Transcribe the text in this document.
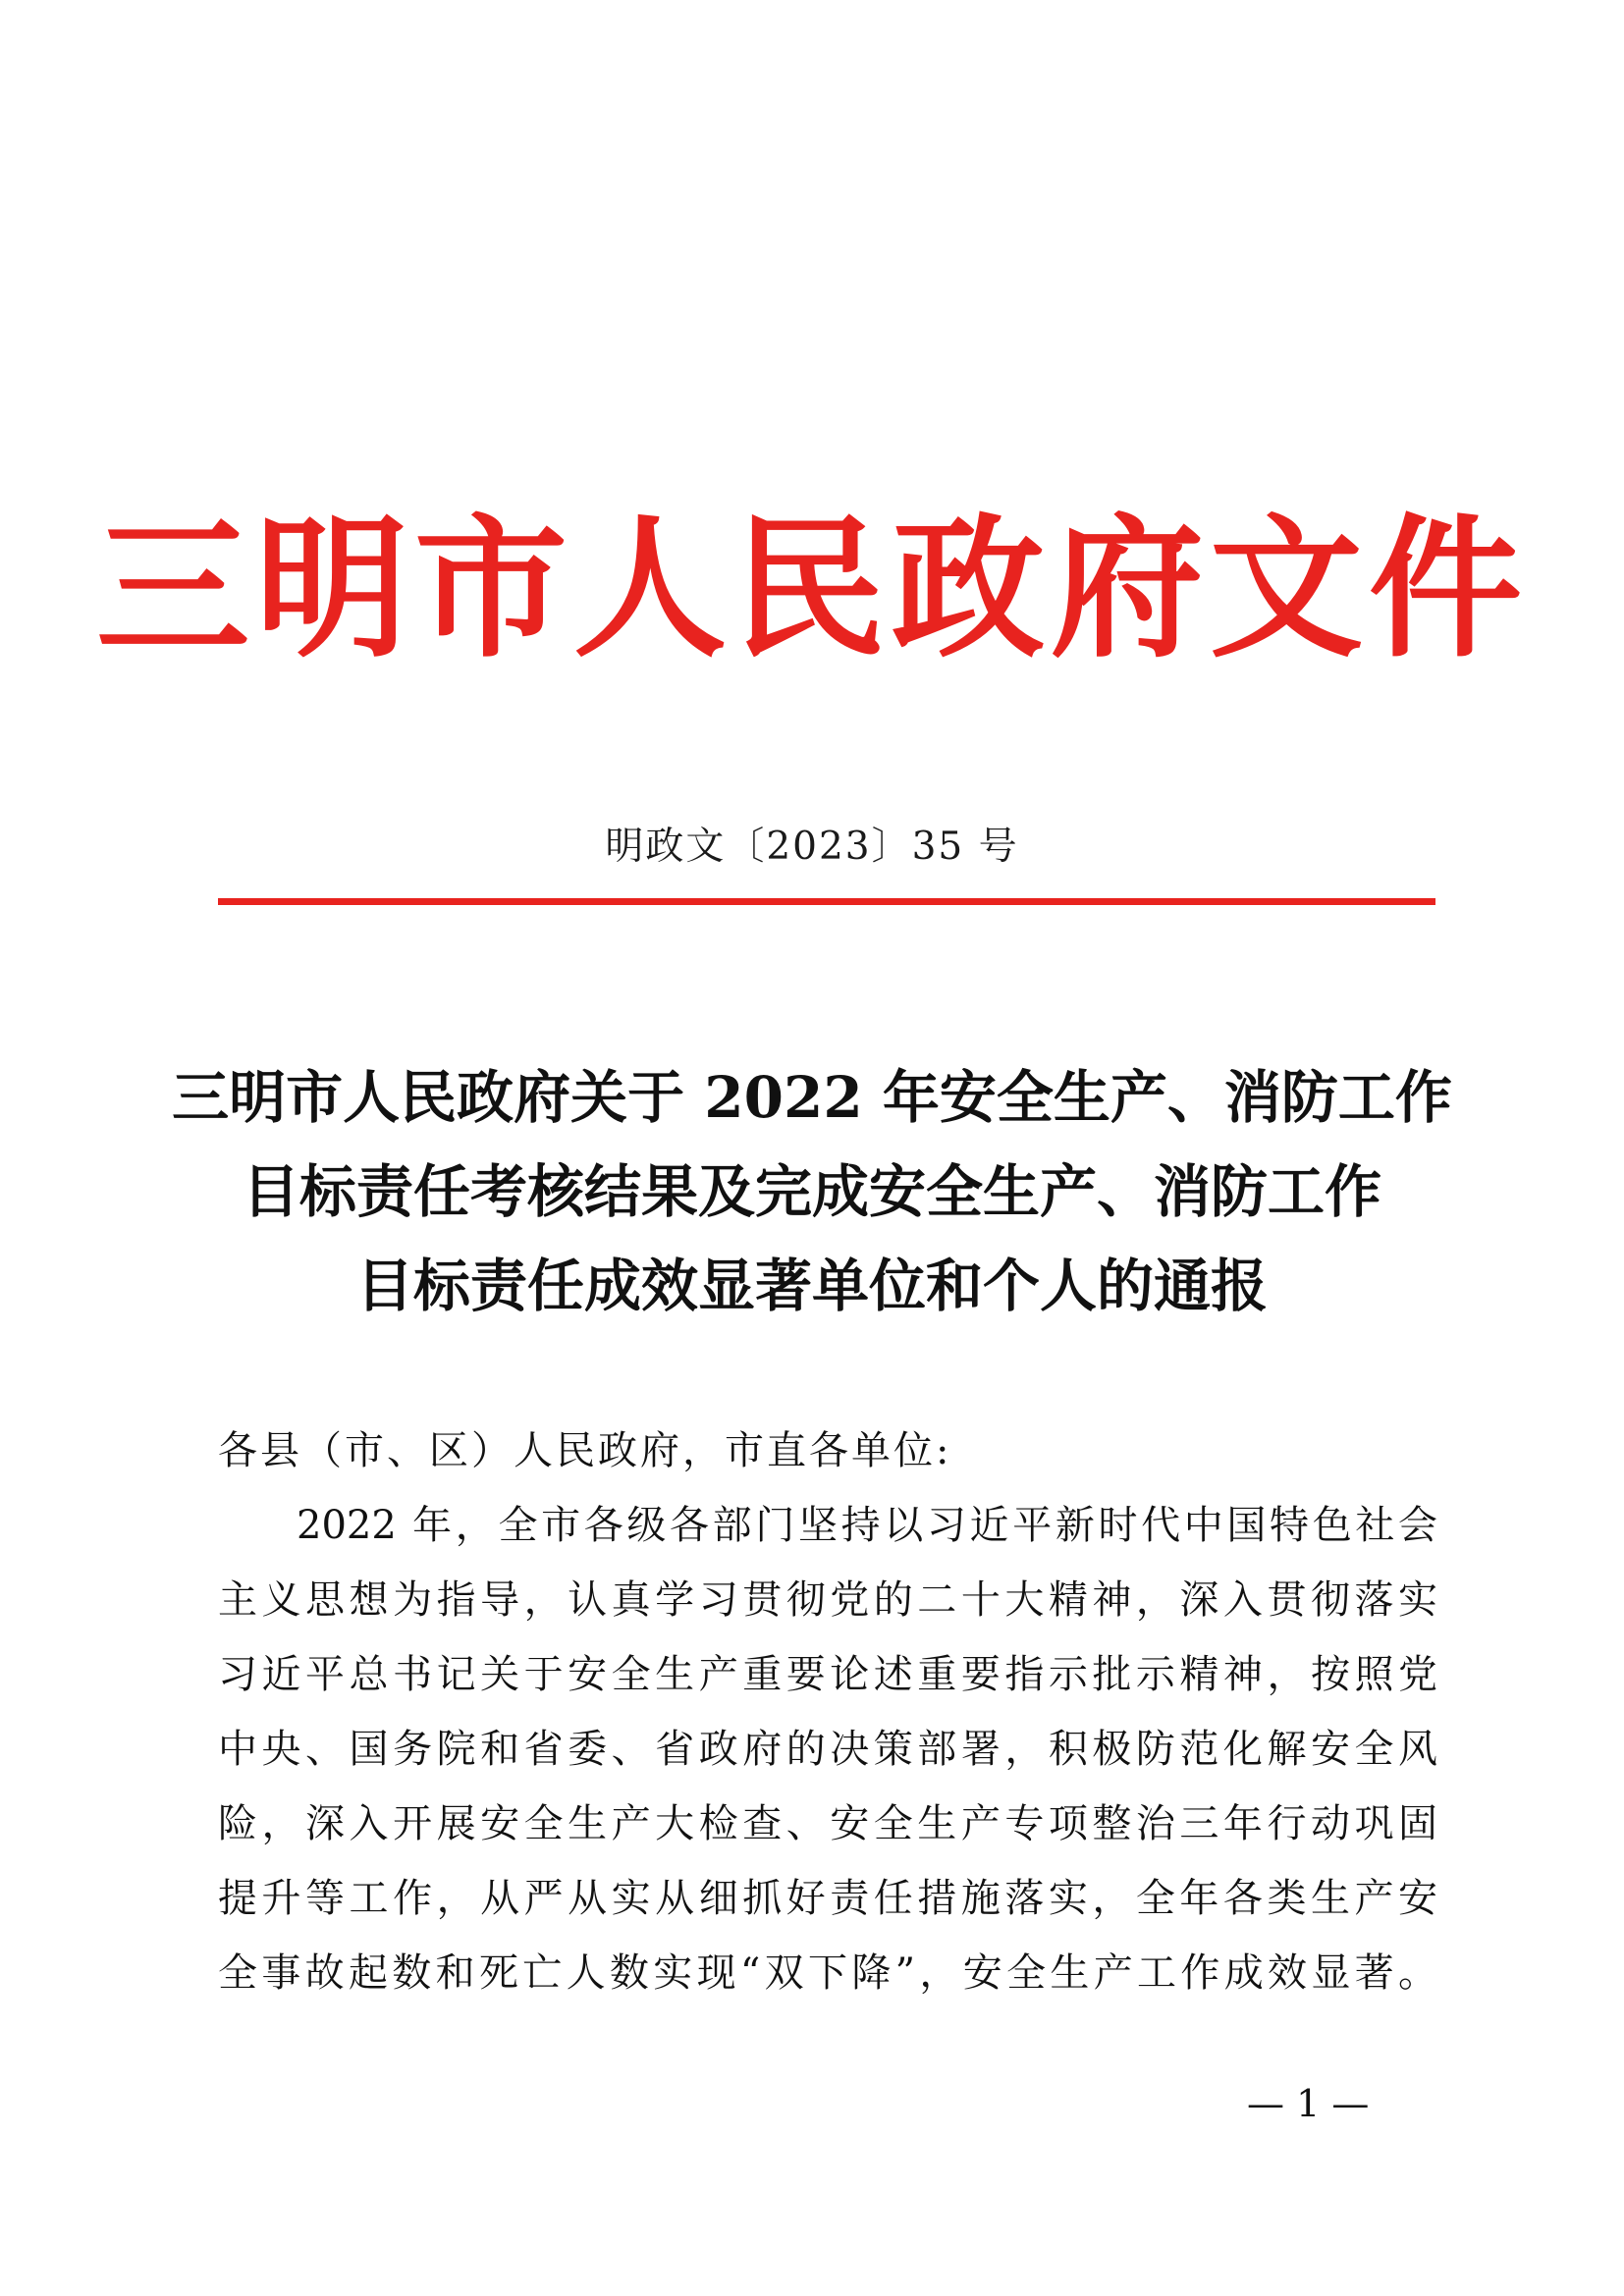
三明市人民政府文件
明政文〔2023〕35 号
三明市人民政府关于 2022 年安全生产、消防工作
目标责任考核结果及完成安全生产、消防工作
目标责任成效显著单位和个人的通报
各县（市、区）人民政府，市直各单位:
2022 年，全市各级各部门坚持以习近平新时代中国特色社会
主义思想为指导，认真学习贯彻党的二十大精神，深入贯彻落实
习近平总书记关于安全生产重要论述重要指示批示精神，按照党
中央、国务院和省委、省政府的决策部署，积极防范化解安全风
险，深入开展安全生产大检查、安全生产专项整治三年行动巩固
提升等工作，从严从实从细抓好责任措施落实，全年各类生产安
全事故起数和死亡人数实现“双下降”，安全生产工作成效显著。
— 1 —
